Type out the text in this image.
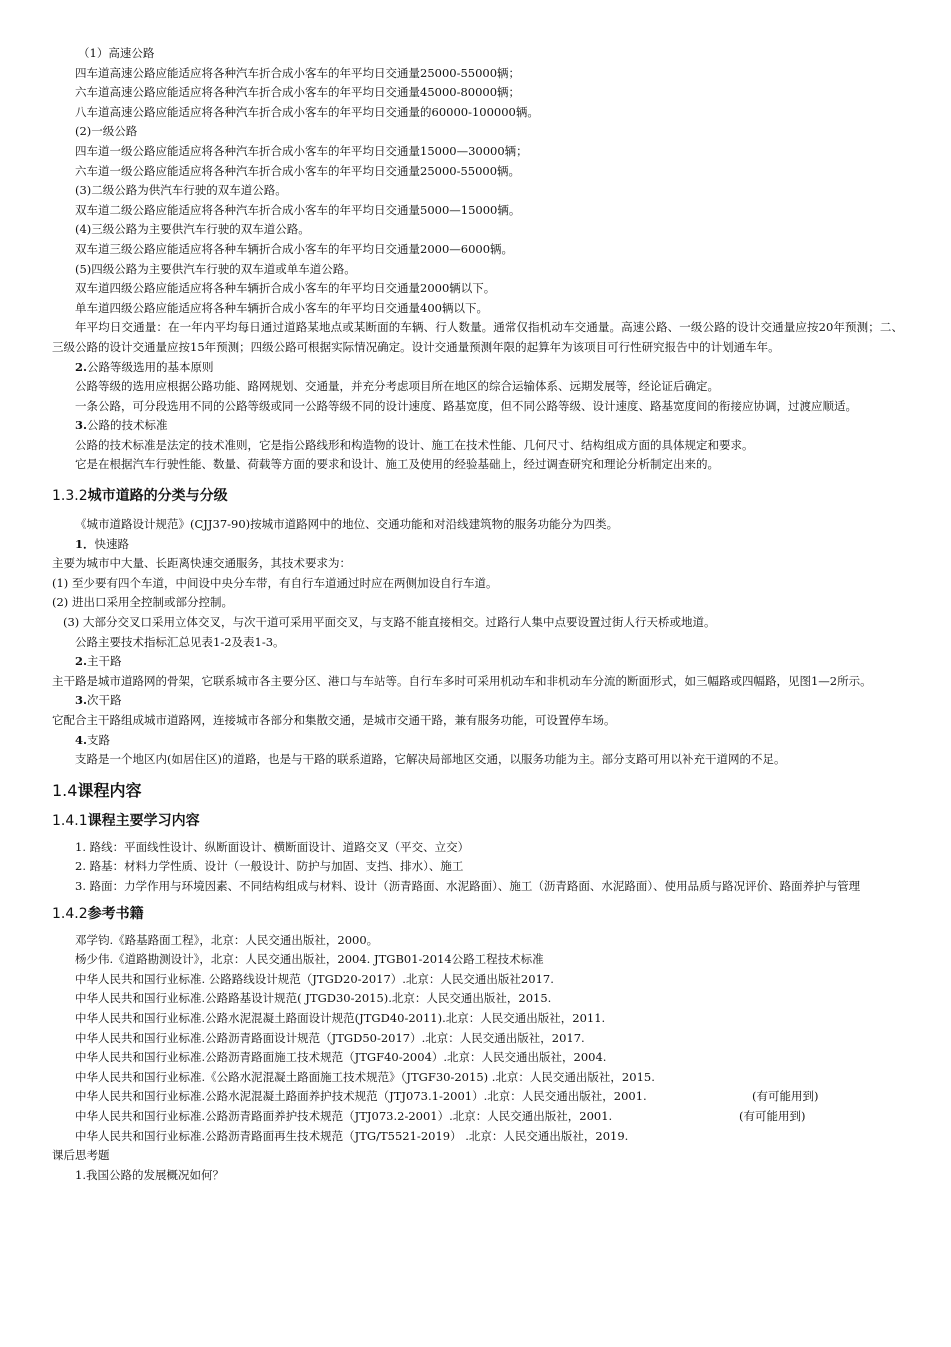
（1）高速公路

四车道高速公路应能适应将各种汽车折合成小客车的年平均日交通量25000-55000辆；

六车道高速公路应能适应将各种汽车折合成小客车的年平均日交通量45000-80000辆；

八车道高速公路应能适应将各种汽车折合成小客车的年平均日交通量的60000-100000辆。

(2)一级公路

四车道一级公路应能适应将各种汽车折合成小客车的年平均日交通量15000—30000辆；

六车道一级公路应能适应将各种汽车折合成小客车的年平均日交通量25000-55000辆。

(3)二级公路为供汽车行驶的双车道公路。

双车道二级公路应能适应将各种汽车折合成小客车的年平均日交通量5000—15000辆。

(4)三级公路为主要供汽车行驶的双车道公路。

双车道三级公路应能适应将各种车辆折合成小客车的年平均日交通量2000—6000辆。

(5)四级公路为主要供汽车行驶的双车道或单车道公路。

双车道四级公路应能适应将各种车辆折合成小客车的年平均日交通量2000辆以下。

单车道四级公路应能适应将各种车辆折合成小客车的年平均日交通量400辆以下。

年平均日交通量：在一年内平均每日通过道路某地点或某断面的车辆、行人数量。通常仅指机动车交通量。高速公路、一级公路的设计交通量应按20年预测；二、三级公路的设计交通量应按15年预测；四级公路可根据实际情况确定。设计交通量预测年限的起算年为该项目可行性研究报告中的计划通车年。

2.公路等级选用的基本原则

公路等级的选用应根据公路功能、路网规划、交通量，并充分考虑项目所在地区的综合运输体系、远期发展等，经论证后确定。

一条公路，可分段选用不同的公路等级或同一公路等级不同的设计速度、路基宽度，但不同公路等级、设计速度、路基宽度间的衔接应协调，过渡应顺适。

3.公路的技术标准

公路的技术标准是法定的技术准则，它是指公路线形和构造物的设计、施工在技术性能、几何尺寸、结构组成方面的具体规定和要求。

它是在根据汽车行驶性能、数量、荷载等方面的要求和设计、施工及使用的经验基础上，经过调查研究和理论分析制定出来的。

1.3.2城市道路的分类与分级

《城市道路设计规范》(CJJ37-90)按城市道路网中的地位、交通功能和对沿线建筑物的服务功能分为四类。

1．快速路

主要为城市中大量、长距离快速交通服务，其技术要求为：

(1) 至少要有四个车道，中间设中央分车带，有自行车道通过时应在两侧加设自行车道。

(2) 进出口采用全控制或部分控制。

(3) 大部分交叉口采用立体交叉，与次干道可采用平面交叉，与支路不能直接相交。过路行人集中点要设置过街人行天桥或地道。

公路主要技术指标汇总见表1-2及表1-3。

2.主干路

主干路是城市道路网的骨架，它联系城市各主要分区、港口与车站等。自行车多时可采用机动车和非机动车分流的断面形式，如三幅路或四幅路，见图1—2所示。

3.次干路

它配合主干路组成城市道路网，连接城市各部分和集散交通，是城市交通干路，兼有服务功能，可设置停车场。

4.支路

支路是一个地区内(如居住区)的道路，也是与干路的联系道路，它解决局部地区交通，以服务功能为主。部分支路可用以补充干道网的不足。

1.4课程内容

1.4.1课程主要学习内容

1. 路线：平面线性设计、纵断面设计、横断面设计、道路交叉（平交、立交）

2. 路基：材料力学性质、设计（一般设计、防护与加固、支挡、排水）、施工

3. 路面：力学作用与环境因素、不同结构组成与材料、设计（沥青路面、水泥路面）、施工（沥青路面、水泥路面）、使用品质与路况评价、路面养护与管理

1.4.2参考书籍

邓学钧.《路基路面工程》，北京：人民交通出版社，2000。

杨少伟.《道路勘测设计》，北京：人民交通出版社，2004. JTGB01-2014公路工程技术标准

中华人民共和国行业标准. 公路路线设计规范（JTGD20-2017）.北京：人民交通出版社2017.

中华人民共和国行业标准.公路路基设计规范( JTGD30-2015).北京：人民交通出版社，2015.

中华人民共和国行业标准.公路水泥混凝土路面设计规范(JTGD40-2011).北京：人民交通出版社，2011.

中华人民共和国行业标准.公路沥青路面设计规范（JTGD50-2017）.北京：人民交通出版社，2017.

中华人民共和国行业标准.公路沥青路面施工技术规范（JTGF40-2004）.北京：人民交通出版社，2004.

中华人民共和国行业标准.《公路水泥混凝土路面施工技术规范》（JTGF30-2015) .北京：人民交通出版社，2015.

中华人民共和国行业标准.公路水泥混凝土路面养护技术规范（JTJ073.1-2001）.北京：人民交通出版社，2001.	(有可能用到)

中华人民共和国行业标准.公路沥青路面养护技术规范（JTJ073.2-2001）.北京：人民交通出版社，2001.	(有可能用到)

中华人民共和国行业标准.公路沥青路面再生技术规范（JTG/T5521-2019） .北京：人民交通出版社，2019.

课后思考题

1.我国公路的发展概况如何？
